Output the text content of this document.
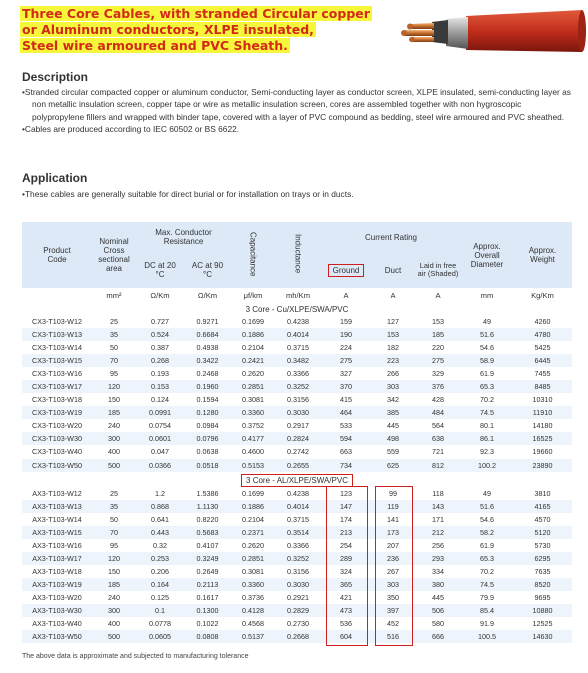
Three Core Cables, with stranded Circular copper
or Aluminum conductors, XLPE insulated,
Steel wire armoured and PVC Sheath.
Description

•Stranded circular compacted copper or aluminum conductor, Semi-conducting layer as conductor screen, XLPE insulated, semi-conducting layer as non metallic insulation screen, copper tape or wire as metallic insulation screen, cores are assembled together with non hygroscopic polypropylene fillers and wrapped with binder tape, covered with a layer of PVC compound as bedding, steel wire armoured and PVC sheathed.

•Cables are produced according to IEC 60502 or BS 6622.

Application

•These cables are generally suitable for direct burial or for installation on trays or in ducts.

Product Code	Nominal Cross sectional area	Max. Conductor Resistance		Capacitance	Inductance	Current Rating			Approx. Overall Diameter	Approx. Weight
		DC at 20 °C	AC at 90 °C			Ground	Duct	Laid in free air (Shaded)		

	mm²	Ω/Km	Ω/Km	μf/km	mh/Km	A	A	A	mm	Kg/Km
3 Core - Cu/XLPE/SWA/PVC										
CX3-T103-W12	25	0.727	0.9271	0.1699	0.4238	159	127	153	49	4260
CX3-T103-W13	35	0.524	0.6684	0.1886	0.4014	190	153	185	51.6	4780
CX3-T103-W14	50	0.387	0.4938	0.2104	0.3715	224	182	220	54.6	5425
CX3-T103-W15	70	0.268	0.3422	0.2421	0.3482	275	223	275	58.9	6445
CX3-T103-W16	95	0.193	0.2468	0.2620	0.3366	327	266	329	61.9	7455
CX3-T103-W17	120	0.153	0.1960	0.2851	0.3252	370	303	376	65.3	8485
CX3-T103-W18	150	0.124	0.1594	0.3081	0.3156	415	342	428	70.2	10310
CX3-T103-W19	185	0.0991	0.1280	0.3360	0.3030	464	385	484	74.5	11910
CX3-T103-W20	240	0.0754	0.0984	0.3752	0.2917	533	445	564	80.1	14180
CX3-T103-W30	300	0.0601	0.0796	0.4177	0.2824	594	498	638	86.1	16525
CX3-T103-W40	400	0.047	0.0638	0.4600	0.2742	663	559	721	92.3	19660
CX3-T103-W50	500	0.0366	0.0518	0.5153	0.2655	734	625	812	100.2	23890
3 Core - AL/XLPE/SWA/PVC										
AX3-T103-W12	25	1.2	1.5386	0.1699	0.4238	123	99	118	49	3810
AX3-T103-W13	35	0.868	1.1130	0.1886	0.4014	147	119	143	51.6	4165
AX3-T103-W14	50	0.641	0.8220	0.2104	0.3715	174	141	171	54.6	4570
AX3-T103-W15	70	0.443	0.5683	0.2371	0.3514	213	173	212	58.2	5120
AX3-T103-W16	95	0.32	0.4107	0.2620	0.3366	254	207	256	61.9	5730
AX3-T103-W17	120	0.253	0.3249	0.2851	0.3252	289	236	293	65.3	6295
AX3-T103-W18	150	0.206	0.2649	0.3081	0.3156	324	267	334	70.2	7635
AX3-T103-W19	185	0.164	0.2113	0.3360	0.3030	365	303	380	74.5	8520
AX3-T103-W20	240	0.125	0.1617	0.3736	0.2921	421	350	445	79.9	9695
AX3-T103-W30	300	0.1	0.1300	0.4128	0.2829	473	397	506	85.4	10880
AX3-T103-W40	400	0.0778	0.1022	0.4568	0.2730	536	452	580	91.9	12525
AX3-T103-W50	500	0.0605	0.0808	0.5137	0.2668	604	516	666	100.5	14630
The above data is approximate and subjected to manufacturing tolerance
